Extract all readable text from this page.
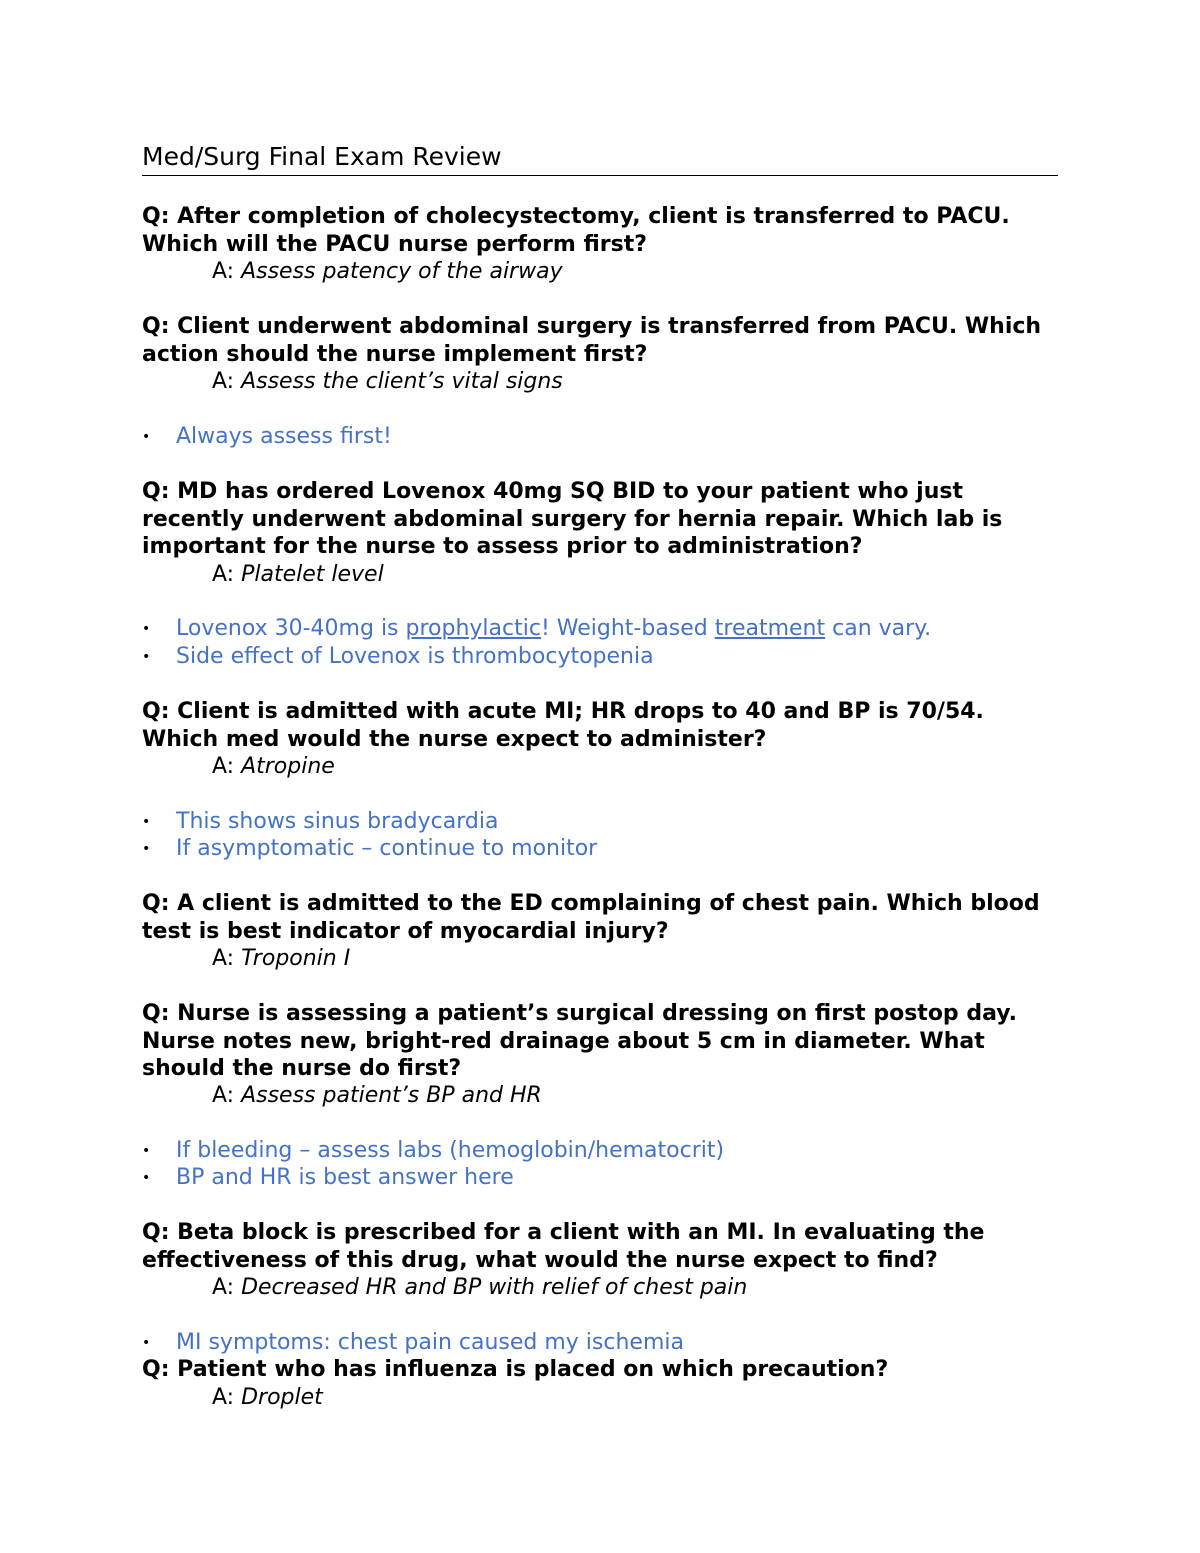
Med/Surg Final Exam Review

Q: After completion of cholecystectomy, client is transferred to PACU. Which will the PACU nurse perform first?

A: Assess patency of the airway

Q: Client underwent abdominal surgery is transferred from PACU. Which action should the nurse implement first?

A: Assess the client’s vital signs

• Always assess first!

Q: MD has ordered Lovenox 40mg SQ BID to your patient who just recently underwent abdominal surgery for hernia repair. Which lab is important for the nurse to assess prior to administration?

A: Platelet level

• Lovenox 30-40mg is prophylactic! Weight-based treatment can vary.

• Side effect of Lovenox is thrombocytopenia

Q: Client is admitted with acute MI; HR drops to 40 and BP is 70/54. Which med would the nurse expect to administer?

A: Atropine

• This shows sinus bradycardia

• If asymptomatic – continue to monitor

Q: A client is admitted to the ED complaining of chest pain. Which blood test is best indicator of myocardial injury?

A: Troponin I

Q: Nurse is assessing a patient’s surgical dressing on first postop day. Nurse notes new, bright-red drainage about 5 cm in diameter. What should the nurse do first?

A: Assess patient’s BP and HR

• If bleeding – assess labs (hemoglobin/hematocrit)

• BP and HR is best answer here

Q: Beta block is prescribed for a client with an MI. In evaluating the effectiveness of this drug, what would the nurse expect to find?

A: Decreased HR and BP with relief of chest pain

• MI symptoms: chest pain caused my ischemia

Q: Patient who has influenza is placed on which precaution?

A: Droplet
